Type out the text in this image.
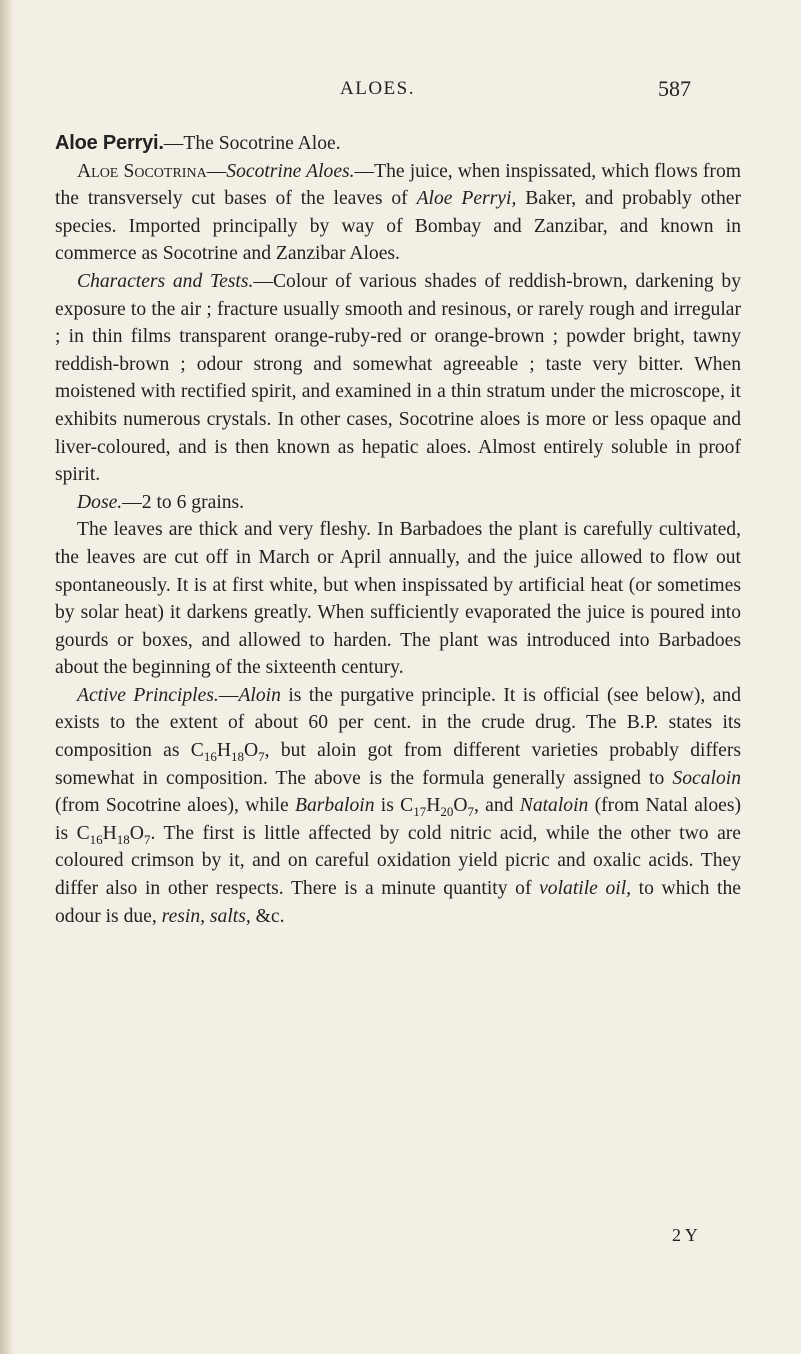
ALOES.	587

Aloe Perryi.—The Socotrine Aloe.

Aloe Socotrina—Socotrine Aloes.—The juice, when inspissated, which flows from the transversely cut bases of the leaves of Aloe Perryi, Baker, and probably other species. Imported principally by way of Bombay and Zanzibar, and known in commerce as Socotrine and Zanzibar Aloes.

Characters and Tests.—Colour of various shades of reddish-brown, darkening by exposure to the air ; fracture usually smooth and resinous, or rarely rough and irregular ; in thin films transparent orange-ruby-red or orange-brown ; powder bright, tawny reddish-brown ; odour strong and somewhat agreeable ; taste very bitter. When moistened with rectified spirit, and examined in a thin stratum under the microscope, it exhibits numerous crystals. In other cases, Socotrine aloes is more or less opaque and liver-coloured, and is then known as hepatic aloes. Almost entirely soluble in proof spirit.

Dose.—2 to 6 grains.

The leaves are thick and very fleshy. In Barbadoes the plant is carefully cultivated, the leaves are cut off in March or April annually, and the juice allowed to flow out spontaneously. It is at first white, but when inspissated by artificial heat (or sometimes by solar heat) it darkens greatly. When sufficiently evaporated the juice is poured into gourds or boxes, and allowed to harden. The plant was introduced into Barbadoes about the beginning of the sixteenth century.

Active Principles.—Aloin is the purgative principle. It is official (see below), and exists to the extent of about 60 per cent. in the crude drug. The B.P. states its composition as $C_{16}H_{18}O_7$, but aloin got from different varieties probably differs somewhat in composition. The above is the formula generally assigned to Socaloin (from Socotrine aloes), while Barbaloin is $C_{17}H_{20}O_7$, and Nataloin (from Natal aloes) is $C_{16}H_{18}O_7$. The first is little affected by cold nitric acid, while the other two are coloured crimson by it, and on careful oxidation yield picric and oxalic acids. They differ also in other respects. There is a minute quantity of volatile oil, to which the odour is due, resin, salts, &c.

2 Y
